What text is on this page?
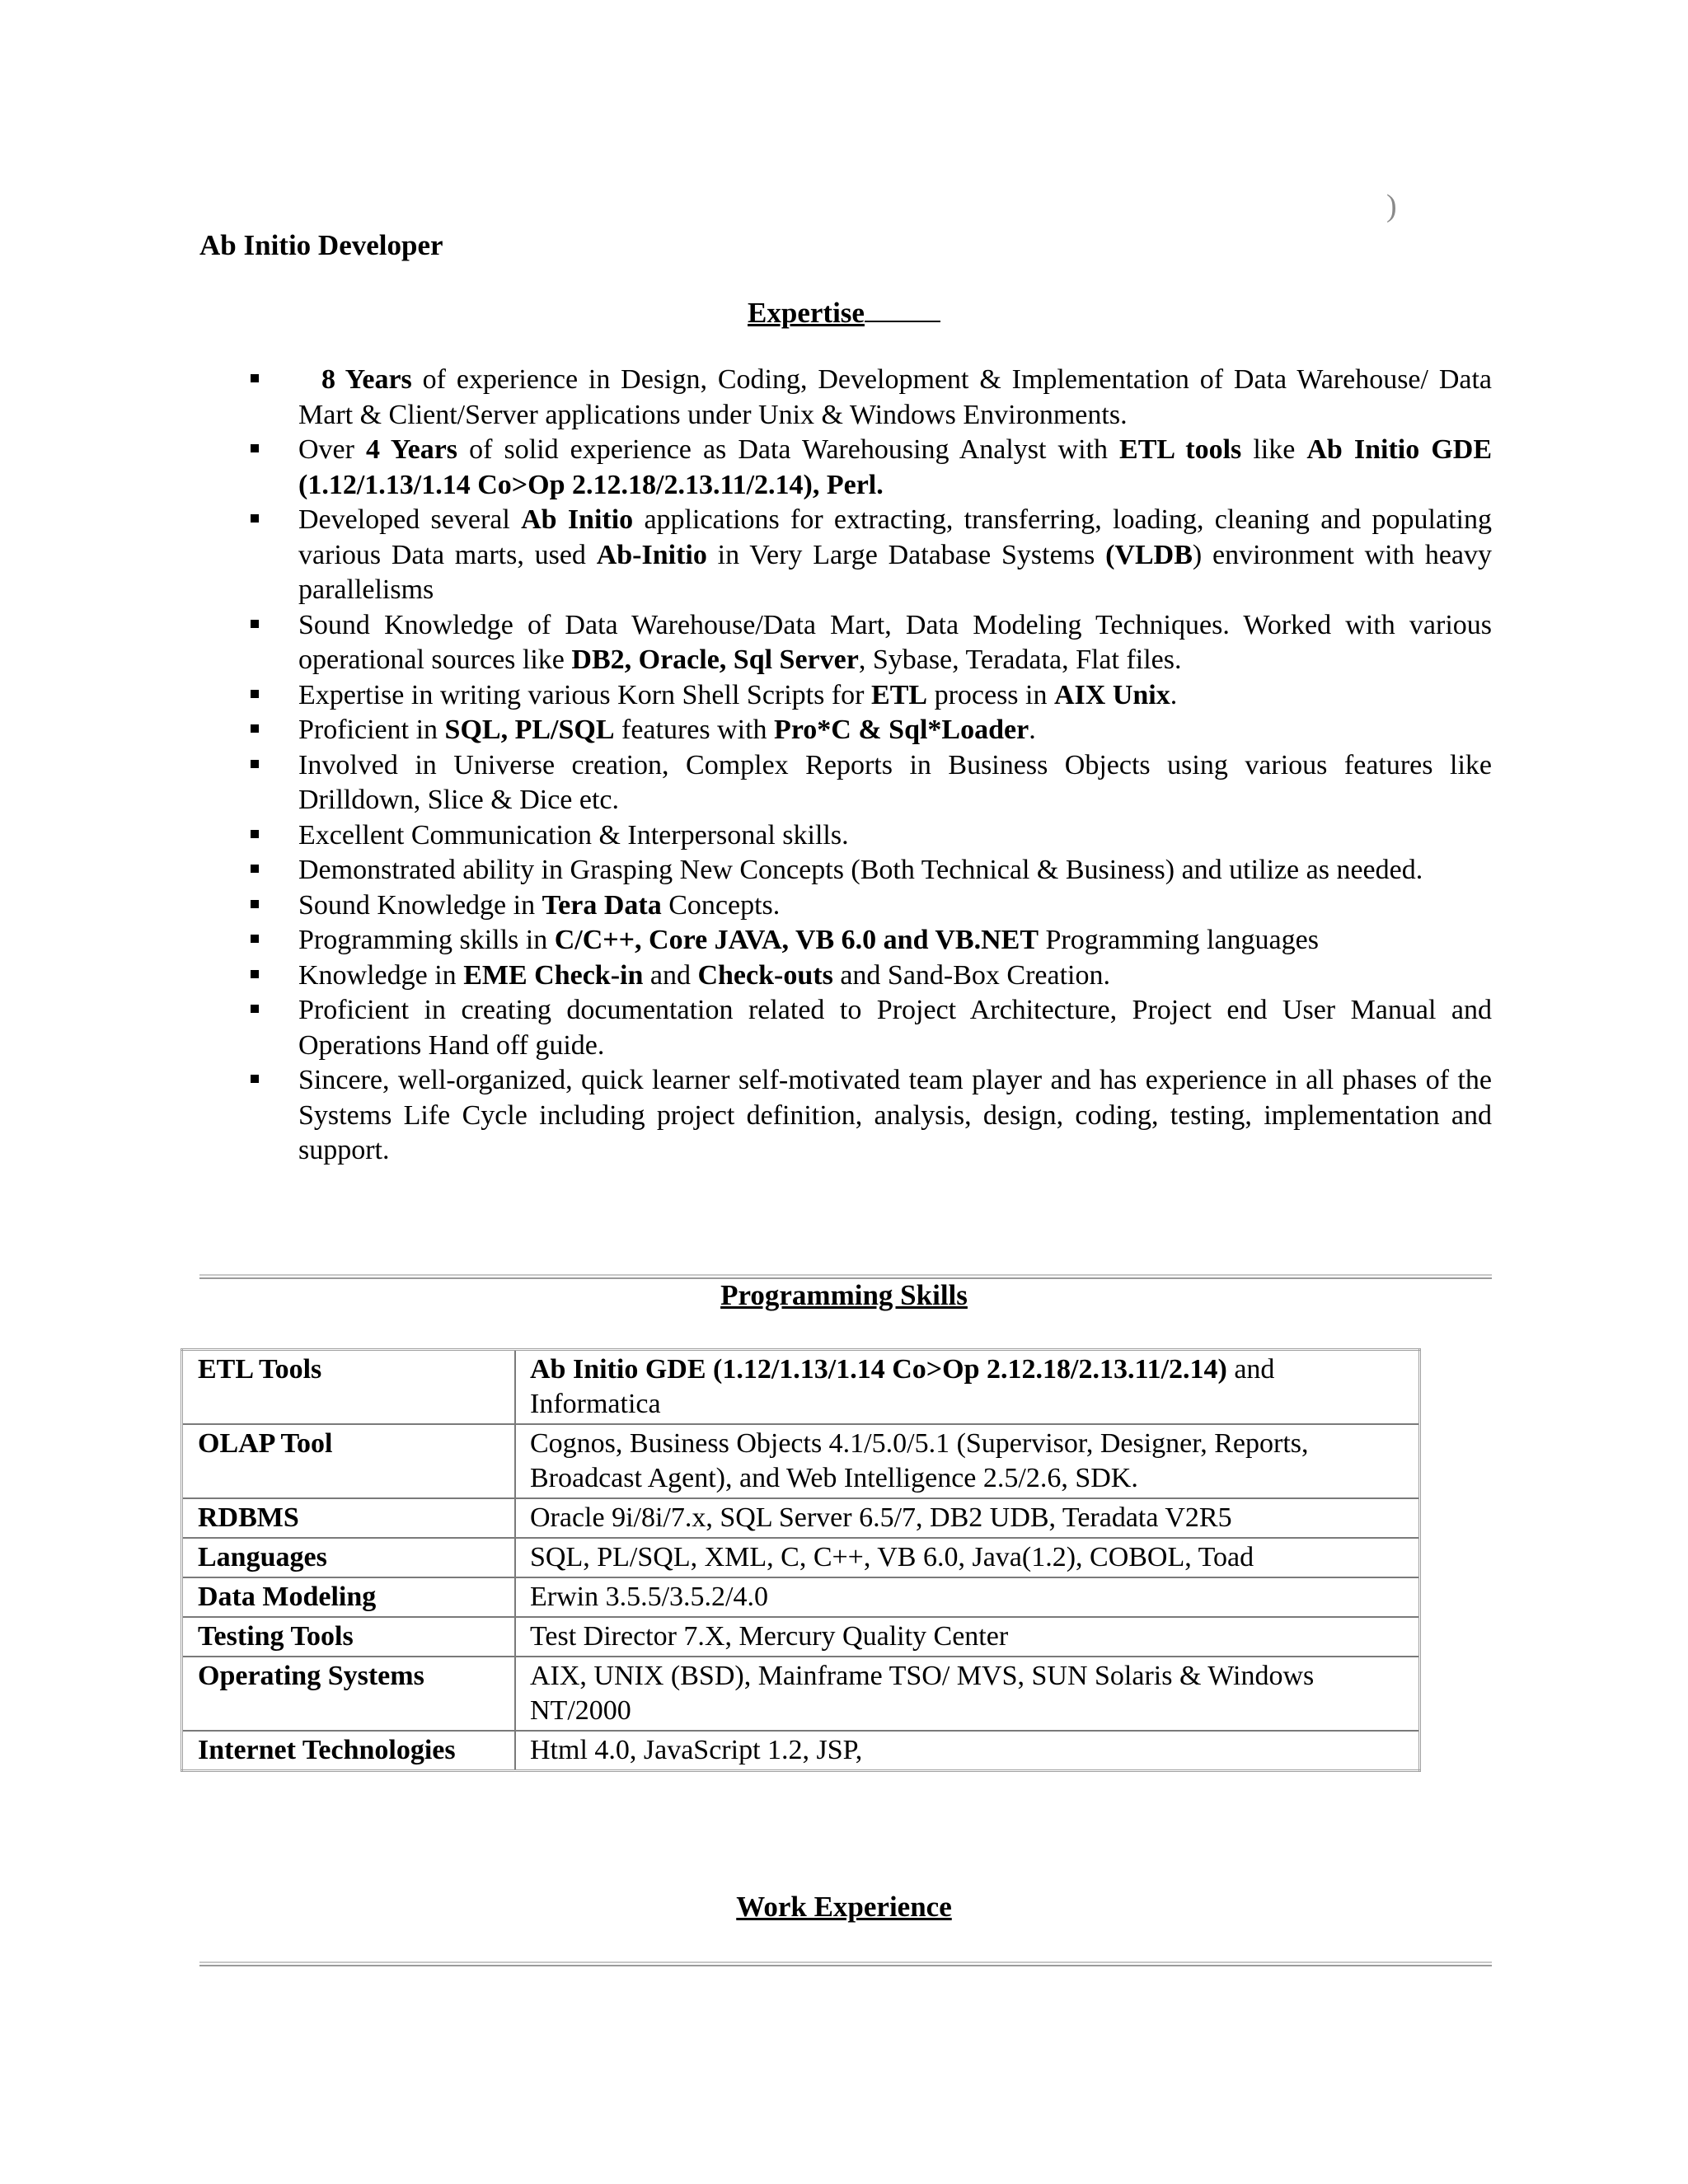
)
Ab Initio Developer
Expertise
8 Years of experience in Design, Coding, Development & Implementation of Data Warehouse/ Data Mart & Client/Server applications under Unix & Windows Environments.
Over 4 Years of solid experience as Data Warehousing Analyst with ETL tools like Ab Initio GDE (1.12/1.13/1.14 Co>Op 2.12.18/2.13.11/2.14), Perl.
Developed several Ab Initio applications for extracting, transferring, loading, cleaning and populating various Data marts, used Ab-Initio in Very Large Database Systems (VLDB) environment with heavy parallelisms
Sound Knowledge of Data Warehouse/Data Mart, Data Modeling Techniques. Worked with various operational sources like DB2, Oracle, Sql Server, Sybase, Teradata, Flat files.
Expertise in writing various Korn Shell Scripts for ETL process in AIX Unix.
Proficient in SQL, PL/SQL features with Pro*C & Sql*Loader.
Involved in Universe creation, Complex Reports in Business Objects using various features like Drilldown, Slice & Dice etc.
Excellent Communication & Interpersonal skills.
Demonstrated ability in Grasping New Concepts (Both Technical & Business) and utilize as needed.
Sound Knowledge in Tera Data Concepts.
Programming skills in C/C++, Core JAVA, VB 6.0 and VB.NET Programming languages
Knowledge in EME Check-in and Check-outs and Sand-Box Creation.
Proficient in creating documentation related to Project Architecture, Project end User Manual and Operations Hand off guide.
Sincere, well-organized, quick learner self-motivated team player and has experience in all phases of the Systems Life Cycle including project definition, analysis, design, coding, testing, implementation and support.
Programming Skills
ETL Tools	Ab Initio GDE (1.12/1.13/1.14 Co>Op 2.12.18/2.13.11/2.14) and Informatica
OLAP Tool	Cognos, Business Objects 4.1/5.0/5.1 (Supervisor, Designer, Reports, Broadcast Agent), and Web Intelligence 2.5/2.6, SDK.
RDBMS	Oracle 9i/8i/7.x, SQL Server 6.5/7, DB2 UDB, Teradata V2R5
Languages	SQL, PL/SQL, XML, C, C++, VB 6.0, Java(1.2), COBOL, Toad
Data Modeling	Erwin 3.5.5/3.5.2/4.0
Testing Tools	Test Director 7.X, Mercury Quality Center
Operating Systems	AIX, UNIX (BSD), Mainframe TSO/ MVS, SUN Solaris & Windows NT/2000
Internet Technologies	Html 4.0, JavaScript 1.2, JSP,
Work Experience
